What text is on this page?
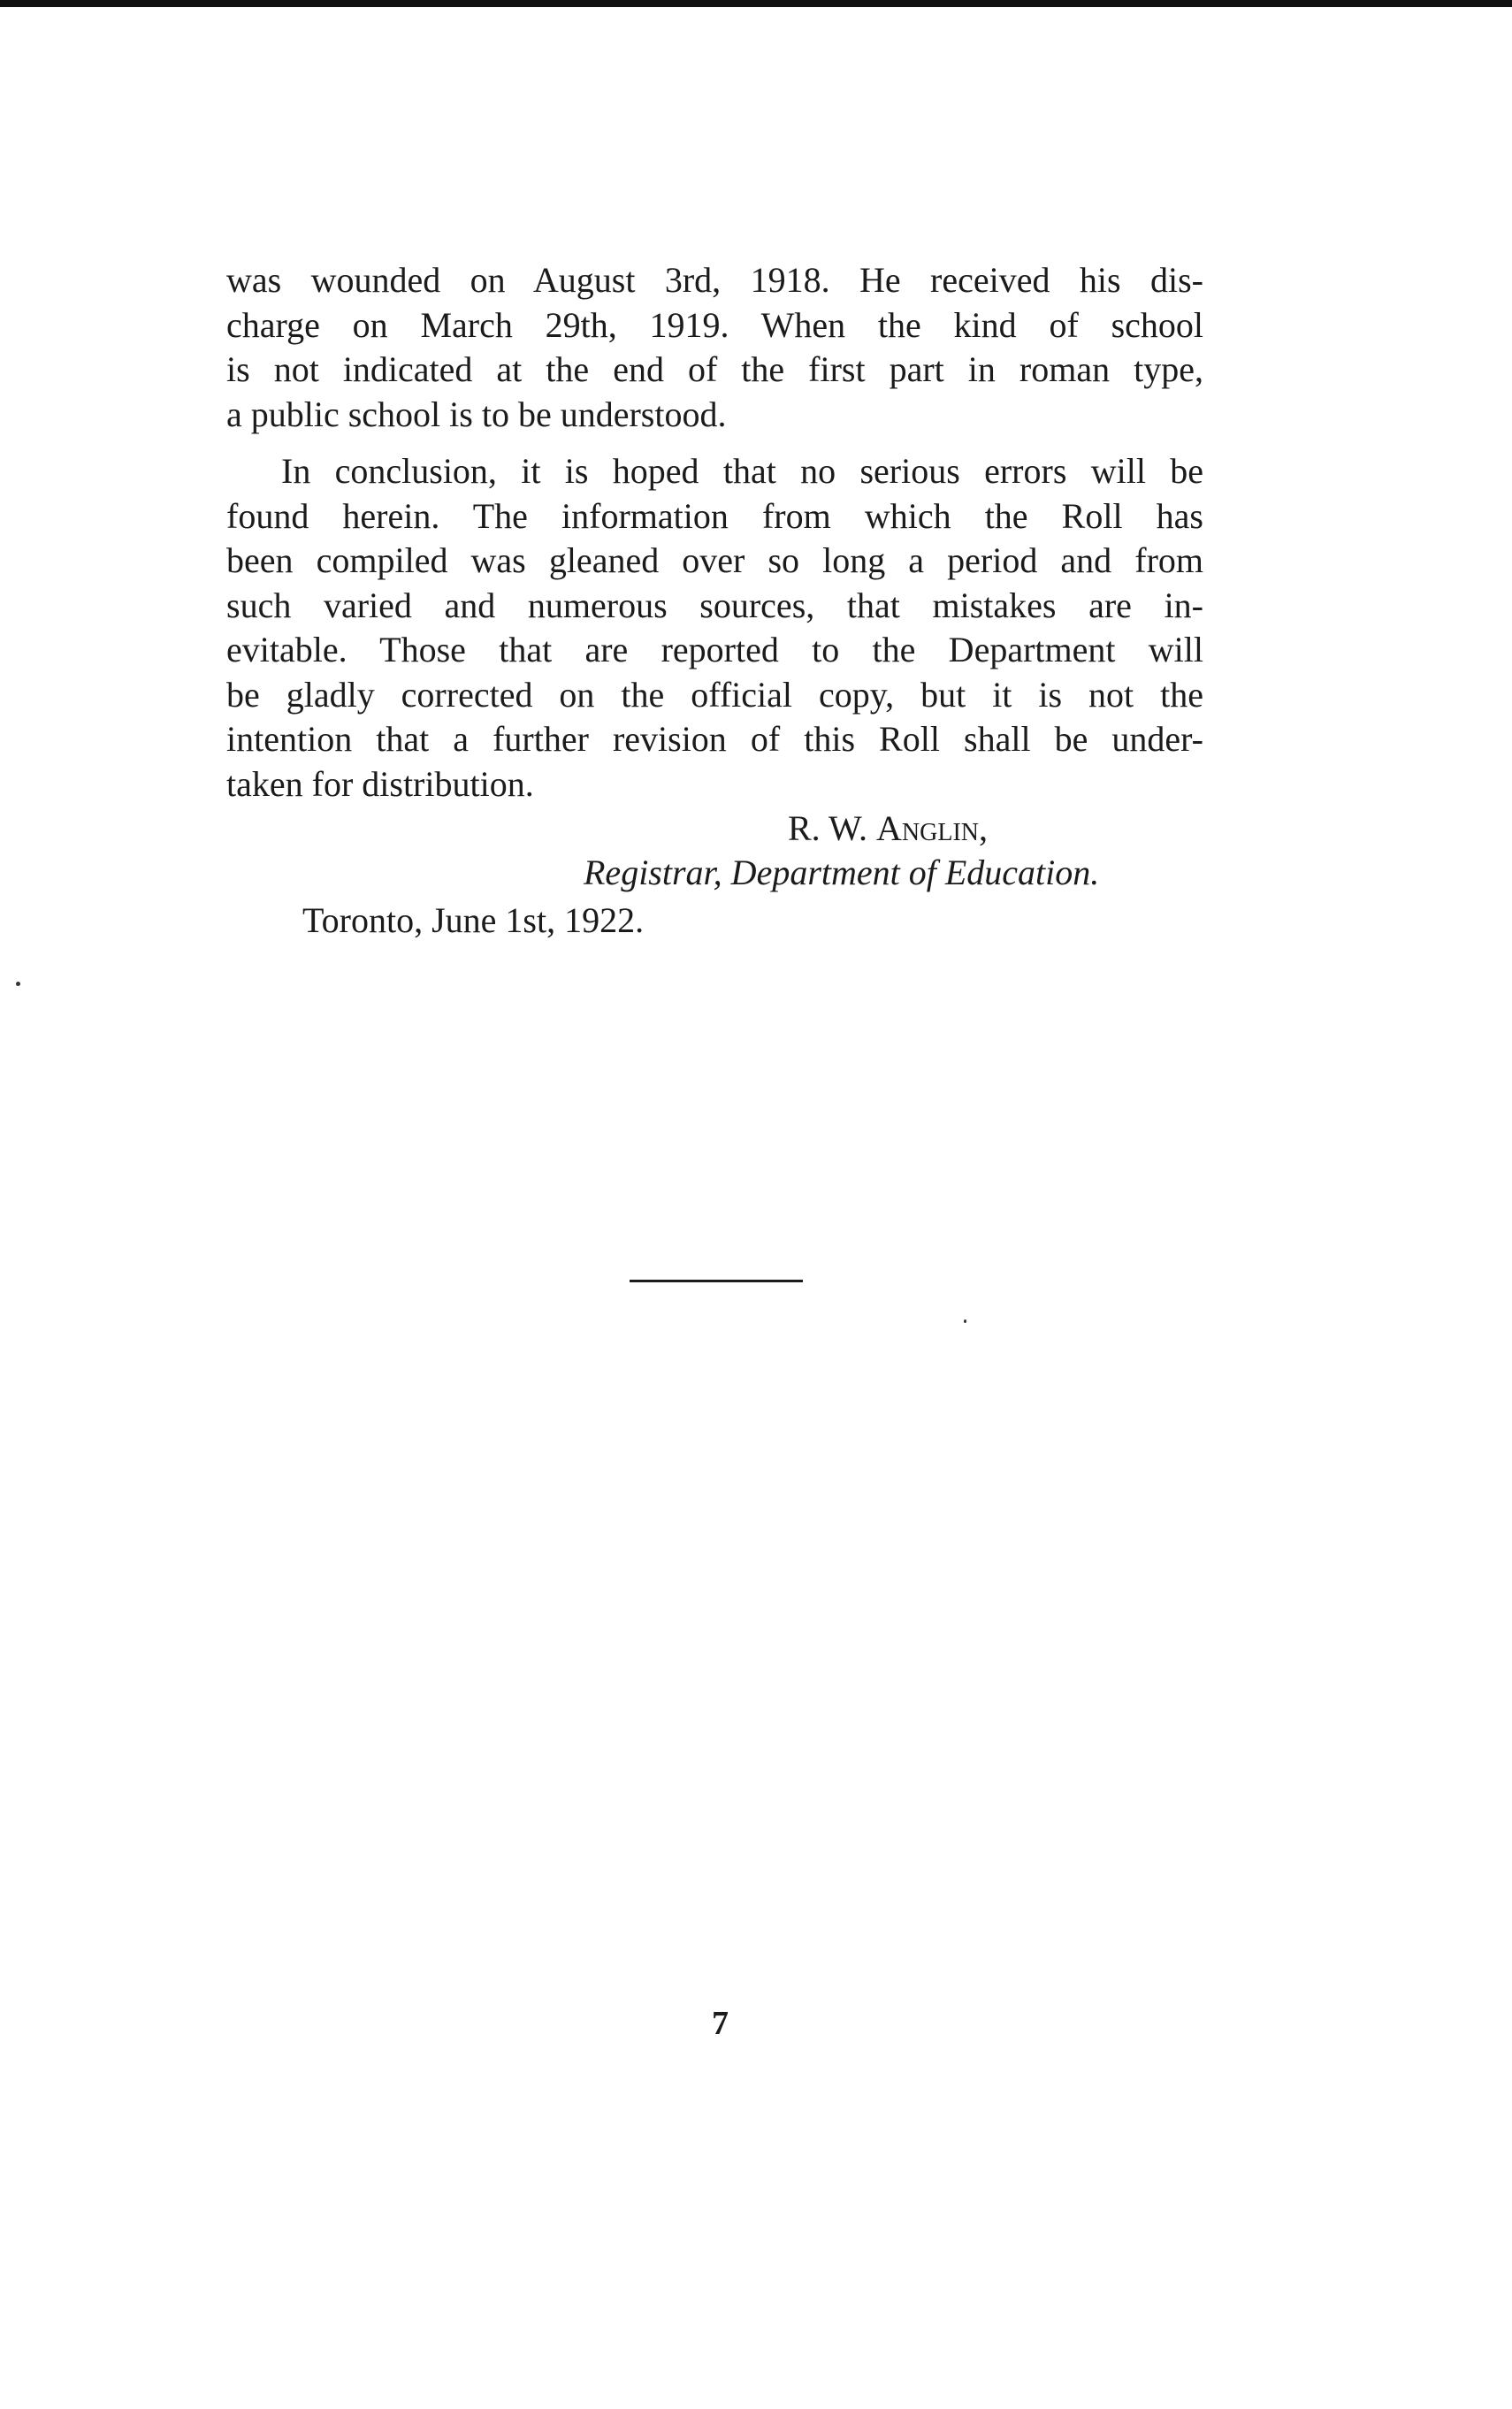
was wounded on August 3rd, 1918. He received his dis-
charge on March 29th, 1919. When the kind of school
is not indicated at the end of the first part in roman type,
a public school is to be understood.
In conclusion, it is hoped that no serious errors will be
found herein. The information from which the Roll has
been compiled was gleaned over so long a period and from
such varied and numerous sources, that mistakes are in-
evitable. Those that are reported to the Department will
be gladly corrected on the official copy, but it is not the
intention that a further revision of this Roll shall be under-
taken for distribution.
R. W. Anglin,
Registrar, Department of Education.
Toronto, June 1st, 1922.
7
